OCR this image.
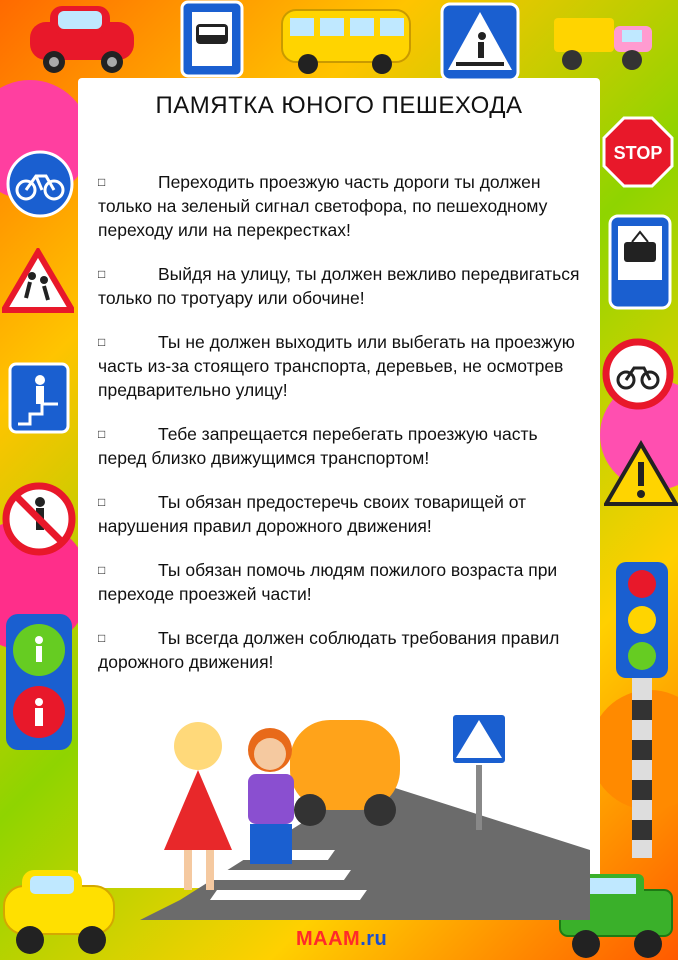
ПАМЯТКА ЮНОГО ПЕШЕХОДА
□	Переходить проезжую часть дороги ты должен только на зеленый сигнал светофора, по пешеходному переходу или на перекрестках!
□	Выйдя на улицу, ты должен вежливо передвигаться только по тротуару или обочине!
□	Ты не должен выходить или выбегать на проезжую часть из-за стоящего транспорта, деревьев, не осмотрев предварительно улицу!
□	Тебе запрещается перебегать проезжую часть перед близко движущимся транспортом!
□	Ты обязан предостеречь своих товарищей от нарушения правил дорожного движения!
□	Ты обязан помочь людям пожилого возраста при переходе проезжей части!
□	Ты всегда должен соблюдать требования правил дорожного движения!
STOP
MAAM.ru
